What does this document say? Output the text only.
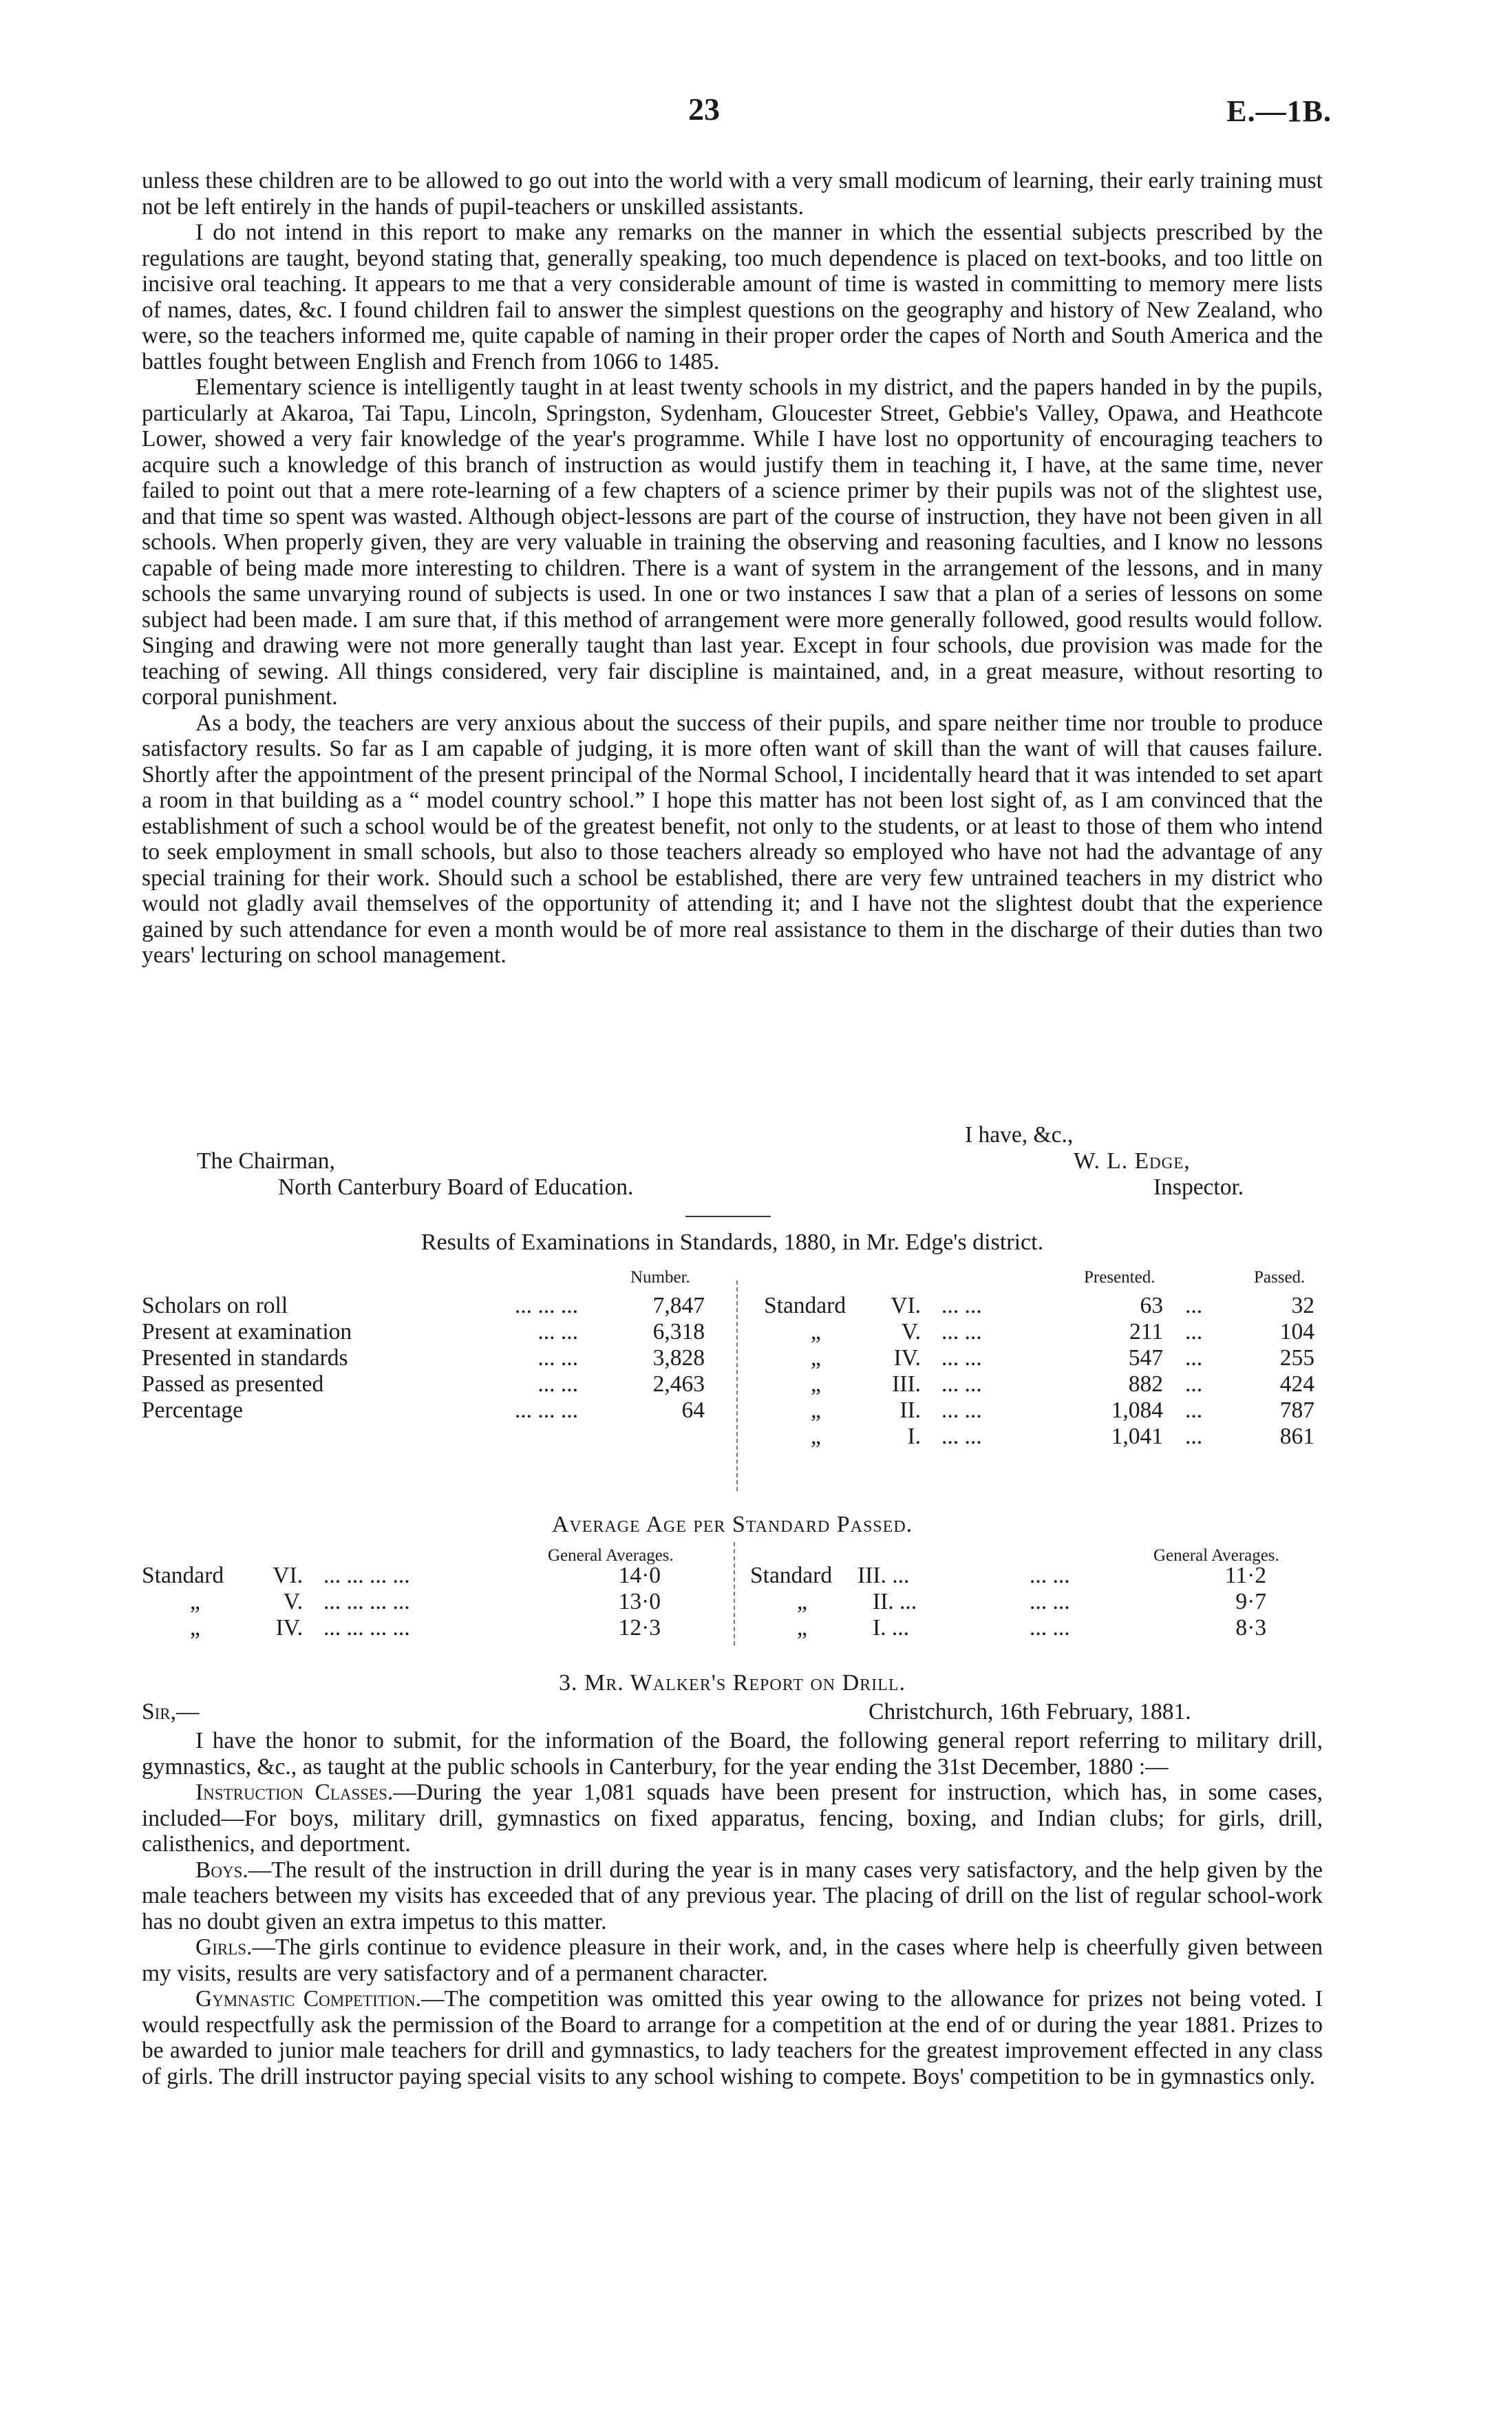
23	E.—1B.

unless these children are to be allowed to go out into the world with a very small modicum of learning, their early training must not be left entirely in the hands of pupil-teachers or unskilled assistants.

I do not intend in this report to make any remarks on the manner in which the essential subjects prescribed by the regulations are taught, beyond stating that, generally speaking, too much dependence is placed on text-books, and too little on incisive oral teaching. It appears to me that a very considerable amount of time is wasted in committing to memory mere lists of names, dates, &c. I found children fail to answer the simplest questions on the geography and history of New Zealand, who were, so the teachers informed me, quite capable of naming in their proper order the capes of North and South America and the battles fought between English and French from 1066 to 1485.

Elementary science is intelligently taught in at least twenty schools in my district, and the papers handed in by the pupils, particularly at Akaroa, Tai Tapu, Lincoln, Springston, Sydenham, Gloucester Street, Gebbie's Valley, Opawa, and Heathcote Lower, showed a very fair knowledge of the year's programme. While I have lost no opportunity of encouraging teachers to acquire such a knowledge of this branch of instruction as would justify them in teaching it, I have, at the same time, never failed to point out that a mere rote-learning of a few chapters of a science primer by their pupils was not of the slightest use, and that time so spent was wasted. Although object-lessons are part of the course of instruction, they have not been given in all schools. When properly given, they are very valuable in training the observing and reasoning faculties, and I know no lessons capable of being made more interesting to children. There is a want of system in the arrangement of the lessons, and in many schools the same unvarying round of subjects is used. In one or two instances I saw that a plan of a series of lessons on some subject had been made. I am sure that, if this method of arrangement were more generally followed, good results would follow. Singing and drawing were not more generally taught than last year. Except in four schools, due provision was made for the teaching of sewing. All things considered, very fair discipline is maintained, and, in a great measure, without resorting to corporal punishment.

As a body, the teachers are very anxious about the success of their pupils, and spare neither time nor trouble to produce satisfactory results. So far as I am capable of judging, it is more often want of skill than the want of will that causes failure. Shortly after the appointment of the present principal of the Normal School, I incidentally heard that it was intended to set apart a room in that building as a “ model country school.” I hope this matter has not been lost sight of, as I am convinced that the establishment of such a school would be of the greatest benefit, not only to the students, or at least to those of them who intend to seek employment in small schools, but also to those teachers already so employed who have not had the advantage of any special training for their work. Should such a school be established, there are very few untrained teachers in my district who would not gladly avail themselves of the opportunity of attending it; and I have not the slightest doubt that the experience gained by such attendance for even a month would be of more real assistance to them in the discharge of their duties than two years' lecturing on school management.

I have, &c.,
The Chairman,	W. L. Edge,
North Canterbury Board of Education.	Inspector.
Results of Examinations in Standards, 1880, in Mr. Edge's district.
Number.	Presented.	Passed.
Scholars on roll	... ... ...	7,847
Present at examination	... ...	6,318
Presented in standards	... ...	3,828
Passed as presented	... ...	2,463
Percentage	... ... ...	64
Standard	VI. ... ...	63 ...	32
„	V. ... ...	211 ...	104
„	IV. ... ...	547 ...	255
„	III. ... ...	882 ...	424
„	II. ... ...	1,084 ...	787
„	I. ... ...	1,041 ...	861
Average Age per Standard Passed.
General Averages.	General Averages.
Standard	VI. ... ... ... ...	14·0
„	V. ... ... ... ...	13·0
„	IV. ... ... ... ...	12·3
Standard III. ...	... ...	11·2
„	II. ...	... ...	9·7
„	I. ...	... ...	8·3
3. Mr. Walker's Report on Drill.
Sir,—	Christchurch, 16th February, 1881.

I have the honor to submit, for the information of the Board, the following general report referring to military drill, gymnastics, &c., as taught at the public schools in Canterbury, for the year ending the 31st December, 1880 :—

Instruction Classes.—During the year 1,081 squads have been present for instruction, which has, in some cases, included—For boys, military drill, gymnastics on fixed apparatus, fencing, boxing, and Indian clubs; for girls, drill, calisthenics, and deportment.

Boys.—The result of the instruction in drill during the year is in many cases very satisfactory, and the help given by the male teachers between my visits has exceeded that of any previous year. The placing of drill on the list of regular school-work has no doubt given an extra impetus to this matter.

Girls.—The girls continue to evidence pleasure in their work, and, in the cases where help is cheerfully given between my visits, results are very satisfactory and of a permanent character.

Gymnastic Competition.—The competition was omitted this year owing to the allowance for prizes not being voted. I would respectfully ask the permission of the Board to arrange for a competition at the end of or during the year 1881. Prizes to be awarded to junior male teachers for drill and gymnastics, to lady teachers for the greatest improvement effected in any class of girls. The drill instructor paying special visits to any school wishing to compete. Boys' competition to be in gymnastics only.
